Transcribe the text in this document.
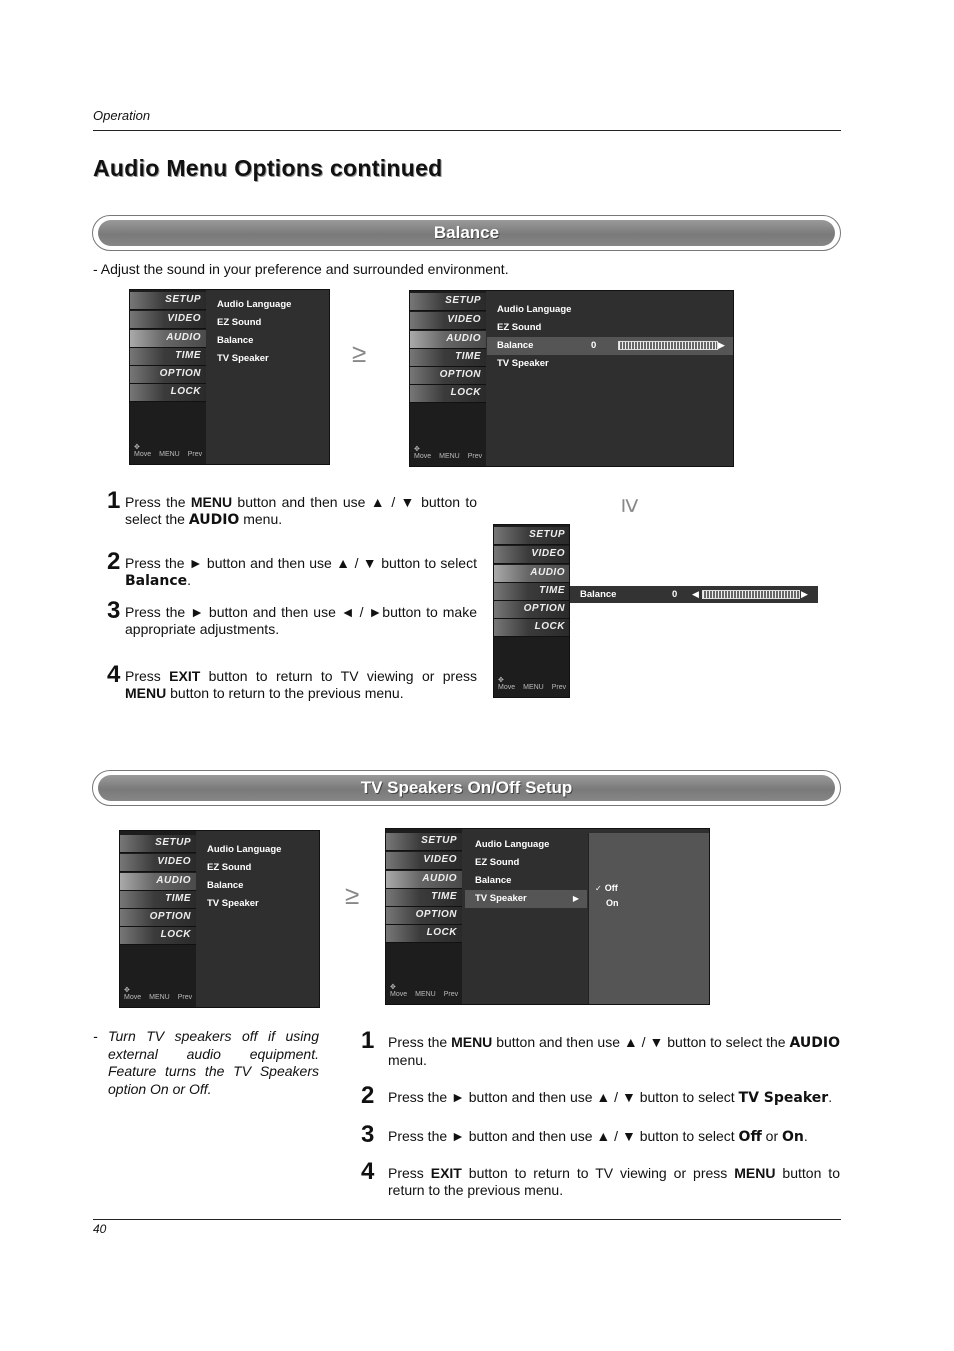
Operation
Audio Menu Options continued
Balance
- Adjust the sound in your preference and surrounded environment.
SETUP
VIDEO
AUDIO
TIME
OPTION
LOCK
✥ Move MENU Prev
Audio Language
EZ Sound
Balance
TV Speaker	≥
SETUP
VIDEO
AUDIO
TIME
OPTION
LOCK
✥ Move MENU Prev
Audio Language
EZ Sound
Balance	0
TV Speaker
▶
≥
SETUP
VIDEO
AUDIO
TIME
OPTION
LOCK
✥ Move MENU Prev
Balance	0 ◀	▶
1 Press the MENU button and then use ▲ / ▼ button to select the AUDIO menu.
2 Press the ► button and then use ▲ / ▼ button to select Balance.
3 Press the ► button and then use ◄ / ►button to make appropriate adjustments.
4 Press EXIT button to return to TV viewing or press MENU button to return to the previous menu.
TV Speakers On/Off Setup
SETUP
VIDEO
AUDIO
TIME
OPTION
LOCK
✥ Move MENU Prev
Audio Language
EZ Sound
Balance
TV Speaker	≥
SETUP
VIDEO
AUDIO
TIME
OPTION
LOCK
✥ Move MENU Prev
Audio Language
EZ Sound
Balance
TV Speaker	▶
✓ Off
On
- Turn TV speakers off if using external audio equipment. Feature turns the TV Speakers option On or Off.
1 Press the MENU button and then use ▲ / ▼ button to select the AUDIO menu.
2 Press the ► button and then use ▲ / ▼ button to select TV Speaker.
3 Press the ► button and then use ▲ / ▼ button to select Off or On.
4 Press EXIT button to return to TV viewing or press MENU button to return to the previous menu.
40
